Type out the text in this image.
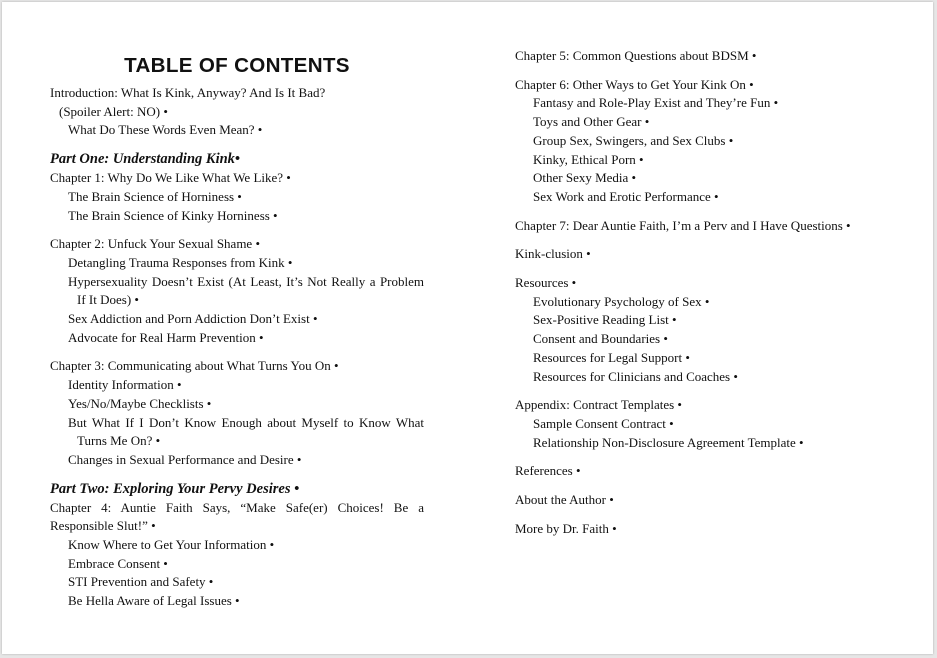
TABLE OF CONTENTS
Introduction: What Is Kink, Anyway? And Is It Bad?
(Spoiler Alert: NO) •
What Do These Words Even Mean? •
Part One: Understanding Kink•
Chapter 1: Why Do We Like What We Like? •
The Brain Science of Horniness •
The Brain Science of Kinky Horniness •
Chapter 2: Unfuck Your Sexual Shame •
Detangling Trauma Responses from Kink •
Hypersexuality Doesn’t Exist (At Least, It’s Not Really a Problem If It Does) •
Sex Addiction and Porn Addiction Don’t Exist •
Advocate for Real Harm Prevention •
Chapter 3: Communicating about What Turns You On •
Identity Information •
Yes/No/Maybe Checklists •
But What If I Don’t Know Enough about Myself to Know What Turns Me On? •
Changes in Sexual Performance and Desire •
Part Two: Exploring Your Pervy Desires •
Chapter 4: Auntie Faith Says, “Make Safe(er) Choices! Be a Responsible Slut!” •
Know Where to Get Your Information •
Embrace Consent •
STI Prevention and Safety •
Be Hella Aware of Legal Issues •
Chapter 5: Common Questions about BDSM •
Chapter 6: Other Ways to Get Your Kink On •
Fantasy and Role-Play Exist and They’re Fun •
Toys and Other Gear •
Group Sex, Swingers, and Sex Clubs •
Kinky, Ethical Porn •
Other Sexy Media •
Sex Work and Erotic Performance •
Chapter 7: Dear Auntie Faith, I’m a Perv and I Have Questions •
Kink-clusion •
Resources •
Evolutionary Psychology of Sex •
Sex-Positive Reading List •
Consent and Boundaries •
Resources for Legal Support •
Resources for Clinicians and Coaches •
Appendix: Contract Templates •
Sample Consent Contract •
Relationship Non-Disclosure Agreement Template •
References •
About the Author •
More by Dr. Faith •
